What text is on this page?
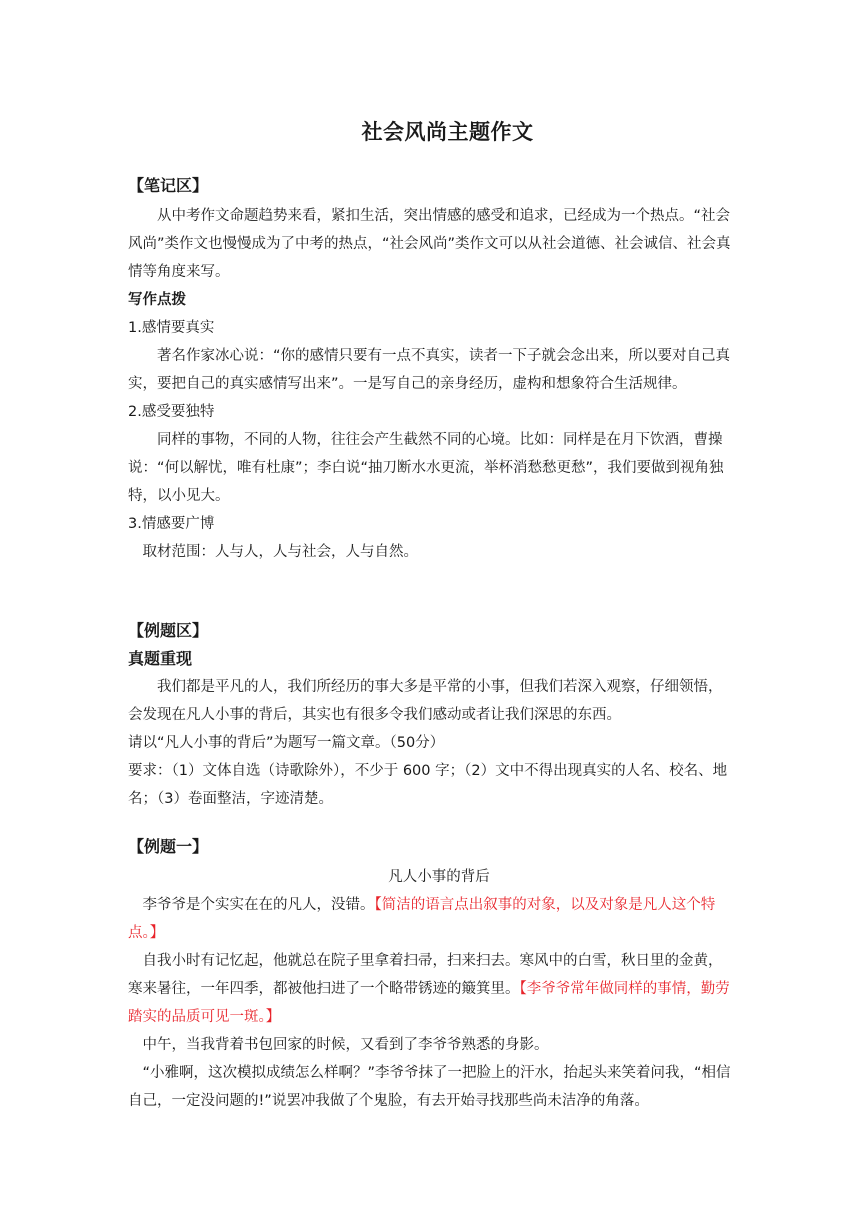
社会风尚主题作文

【笔记区】

从中考作文命题趋势来看，紧扣生活，突出情感的感受和追求，已经成为一个热点。“社会风尚”类作文也慢慢成为了中考的热点，“社会风尚”类作文可以从社会道德、社会诚信、社会真情等角度来写。

写作点拨

1.感情要真实

著名作家冰心说：“你的感情只要有一点不真实，读者一下子就会念出来，所以要对自己真实，要把自己的真实感情写出来”。一是写自己的亲身经历，虚构和想象符合生活规律。

2.感受要独特

同样的事物，不同的人物，往往会产生截然不同的心境。比如：同样是在月下饮酒，曹操说：“何以解忧，唯有杜康”；李白说“抽刀断水水更流，举杯消愁愁更愁”，我们要做到视角独特，以小见大。

3.情感要广博

取材范围：人与人，人与社会，人与自然。

【例题区】

真题重现

我们都是平凡的人，我们所经历的事大多是平常的小事，但我们若深入观察，仔细领悟，会发现在凡人小事的背后，其实也有很多令我们感动或者让我们深思的东西。

请以“凡人小事的背后”为题写一篇文章。（50分）

要求：（1）文体自选（诗歌除外），不少于 600 字；（2）文中不得出现真实的人名、校名、地名；（3）卷面整洁，字迹清楚。

【例题一】

凡人小事的背后

李爷爷是个实实在在的凡人，没错。【简洁的语言点出叙事的对象，以及对象是凡人这个特点。】

自我小时有记忆起，他就总在院子里拿着扫帚，扫来扫去。寒风中的白雪，秋日里的金黄，寒来暑往，一年四季，都被他扫进了一个略带锈迹的簸箕里。【李爷爷常年做同样的事情，勤劳踏实的品质可见一斑。】

中午，当我背着书包回家的时候，又看到了李爷爷熟悉的身影。

“小雅啊，这次模拟成绩怎么样啊？”李爷爷抹了一把脸上的汗水，抬起头来笑着问我，“相信自己，一定没问题的!”说罢冲我做了个鬼脸，有去开始寻找那些尚未洁净的角落。
